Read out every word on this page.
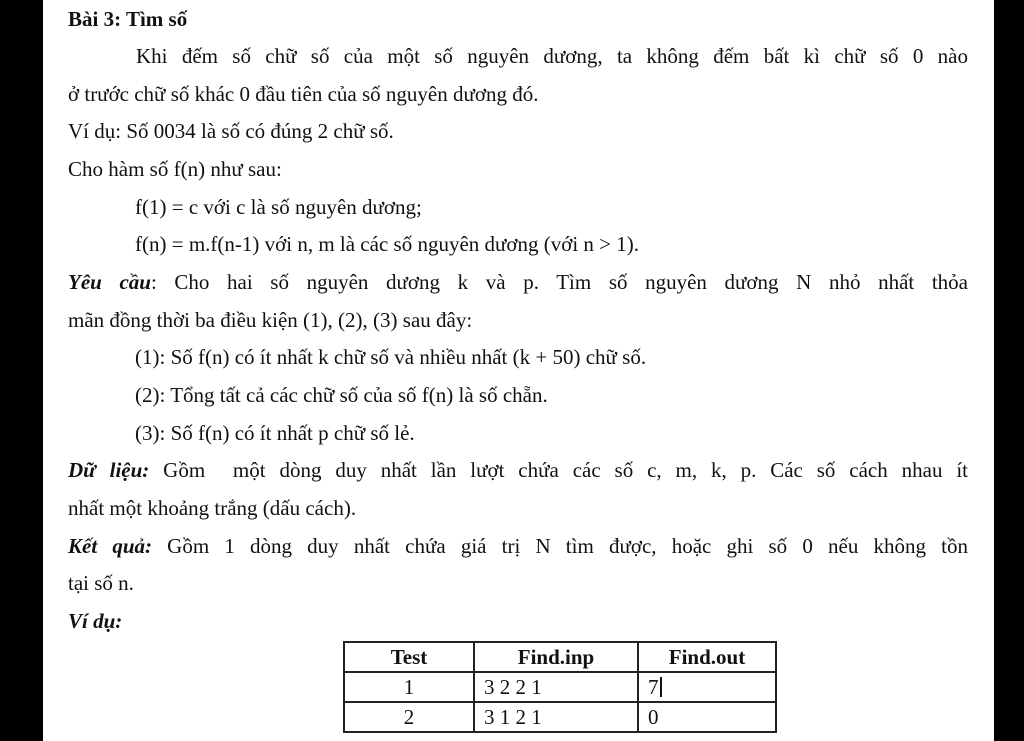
Bài 3: Tìm số
Khi đếm số chữ số của một số nguyên dương, ta không đếm bất kì chữ số 0 nào
ở trước chữ số khác 0 đầu tiên của số nguyên dương đó.
Ví dụ: Số 0034 là số có đúng 2 chữ số.
Cho hàm số f(n) như sau:
f(1) = c với c là số nguyên dương;
f(n) = m.f(n-1) với n, m là các số nguyên dương (với n > 1).
Yêu cầu: Cho hai số nguyên dương k và p. Tìm số nguyên dương N nhỏ nhất thỏa
mãn đồng thời ba điều kiện (1), (2), (3) sau đây:
(1): Số f(n) có ít nhất k chữ số và nhiều nhất (k + 50) chữ số.
(2): Tổng tất cả các chữ số của số f(n) là số chẵn.
(3): Số f(n) có ít nhất p chữ số lẻ.
Dữ liệu: Gồm  một dòng duy nhất lần lượt chứa các số c, m, k, p. Các số cách nhau ít
nhất một khoảng trắng (dấu cách).
Kết quả: Gồm 1 dòng duy nhất chứa giá trị N tìm được, hoặc ghi số 0 nếu không tồn
tại số n.
Ví dụ:
Test	Find.inp	Find.out
1	3 2 2 1	7
2	3 1 2 1	0
